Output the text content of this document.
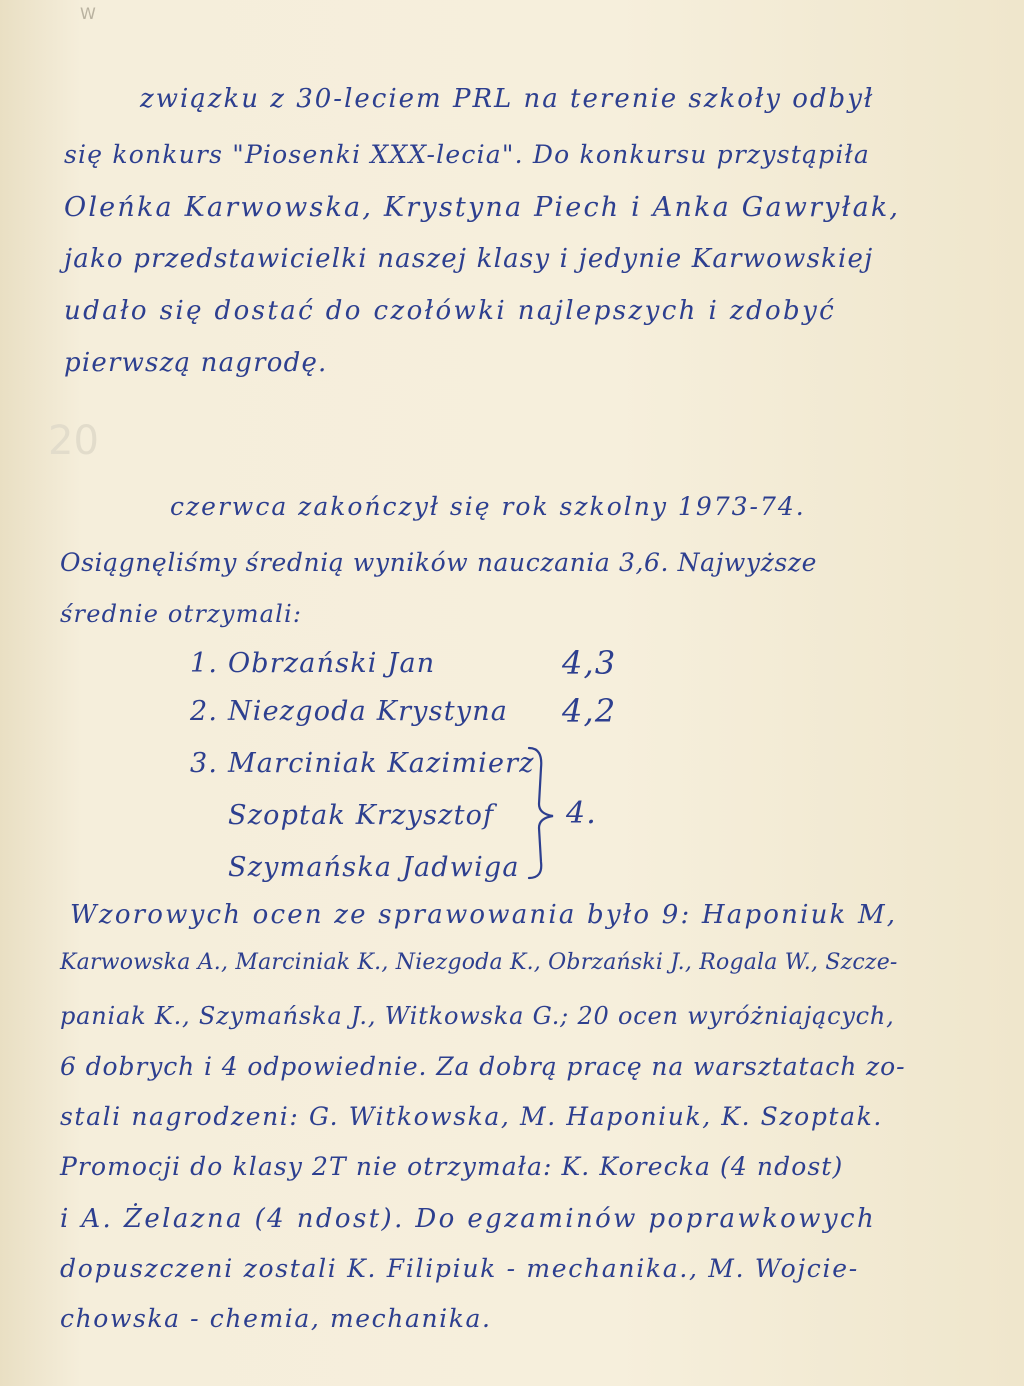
W
20
związku z 30-leciem PRL na terenie szkoły odbył
się konkurs "Piosenki XXX-lecia". Do konkursu przystąpiła
Oleńka Karwowska, Krystyna Piech i Anka Gawryłak,
jako przedstawicielki naszej klasy i jedynie Karwowskiej
udało się dostać do czołówki najlepszych i zdobyć
pierwszą nagrodę.
czerwca zakończył się rok szkolny 1973-74.
Osiągnęliśmy średnią wyników nauczania 3,6. Najwyższe
średnie otrzymali:
1. Obrzański Jan	4,3
2. Niezgoda Krystyna 4,2
3. Marciniak Kazimierz
Szoptak Krzysztof 4.
Szymańska Jadwiga
Wzorowych ocen ze sprawowania było 9: Haponiuk M,
Karwowska A., Marciniak K., Niezgoda K., Obrzański J., Rogala W., Szcze-
paniak K., Szymańska J., Witkowska G.; 20 ocen wyróżniających,
6 dobrych i 4 odpowiednie. Za dobrą pracę na warsztatach zo-
stali nagrodzeni: G. Witkowska, M. Haponiuk, K. Szoptak.
Promocji do klasy 2T nie otrzymała: K. Korecka (4 ndost)
i A. Żelazna (4 ndost). Do egzaminów poprawkowych
dopuszczeni zostali K. Filipiuk - mechanika., M. Wojcie-
chowska - chemia, mechanika.
